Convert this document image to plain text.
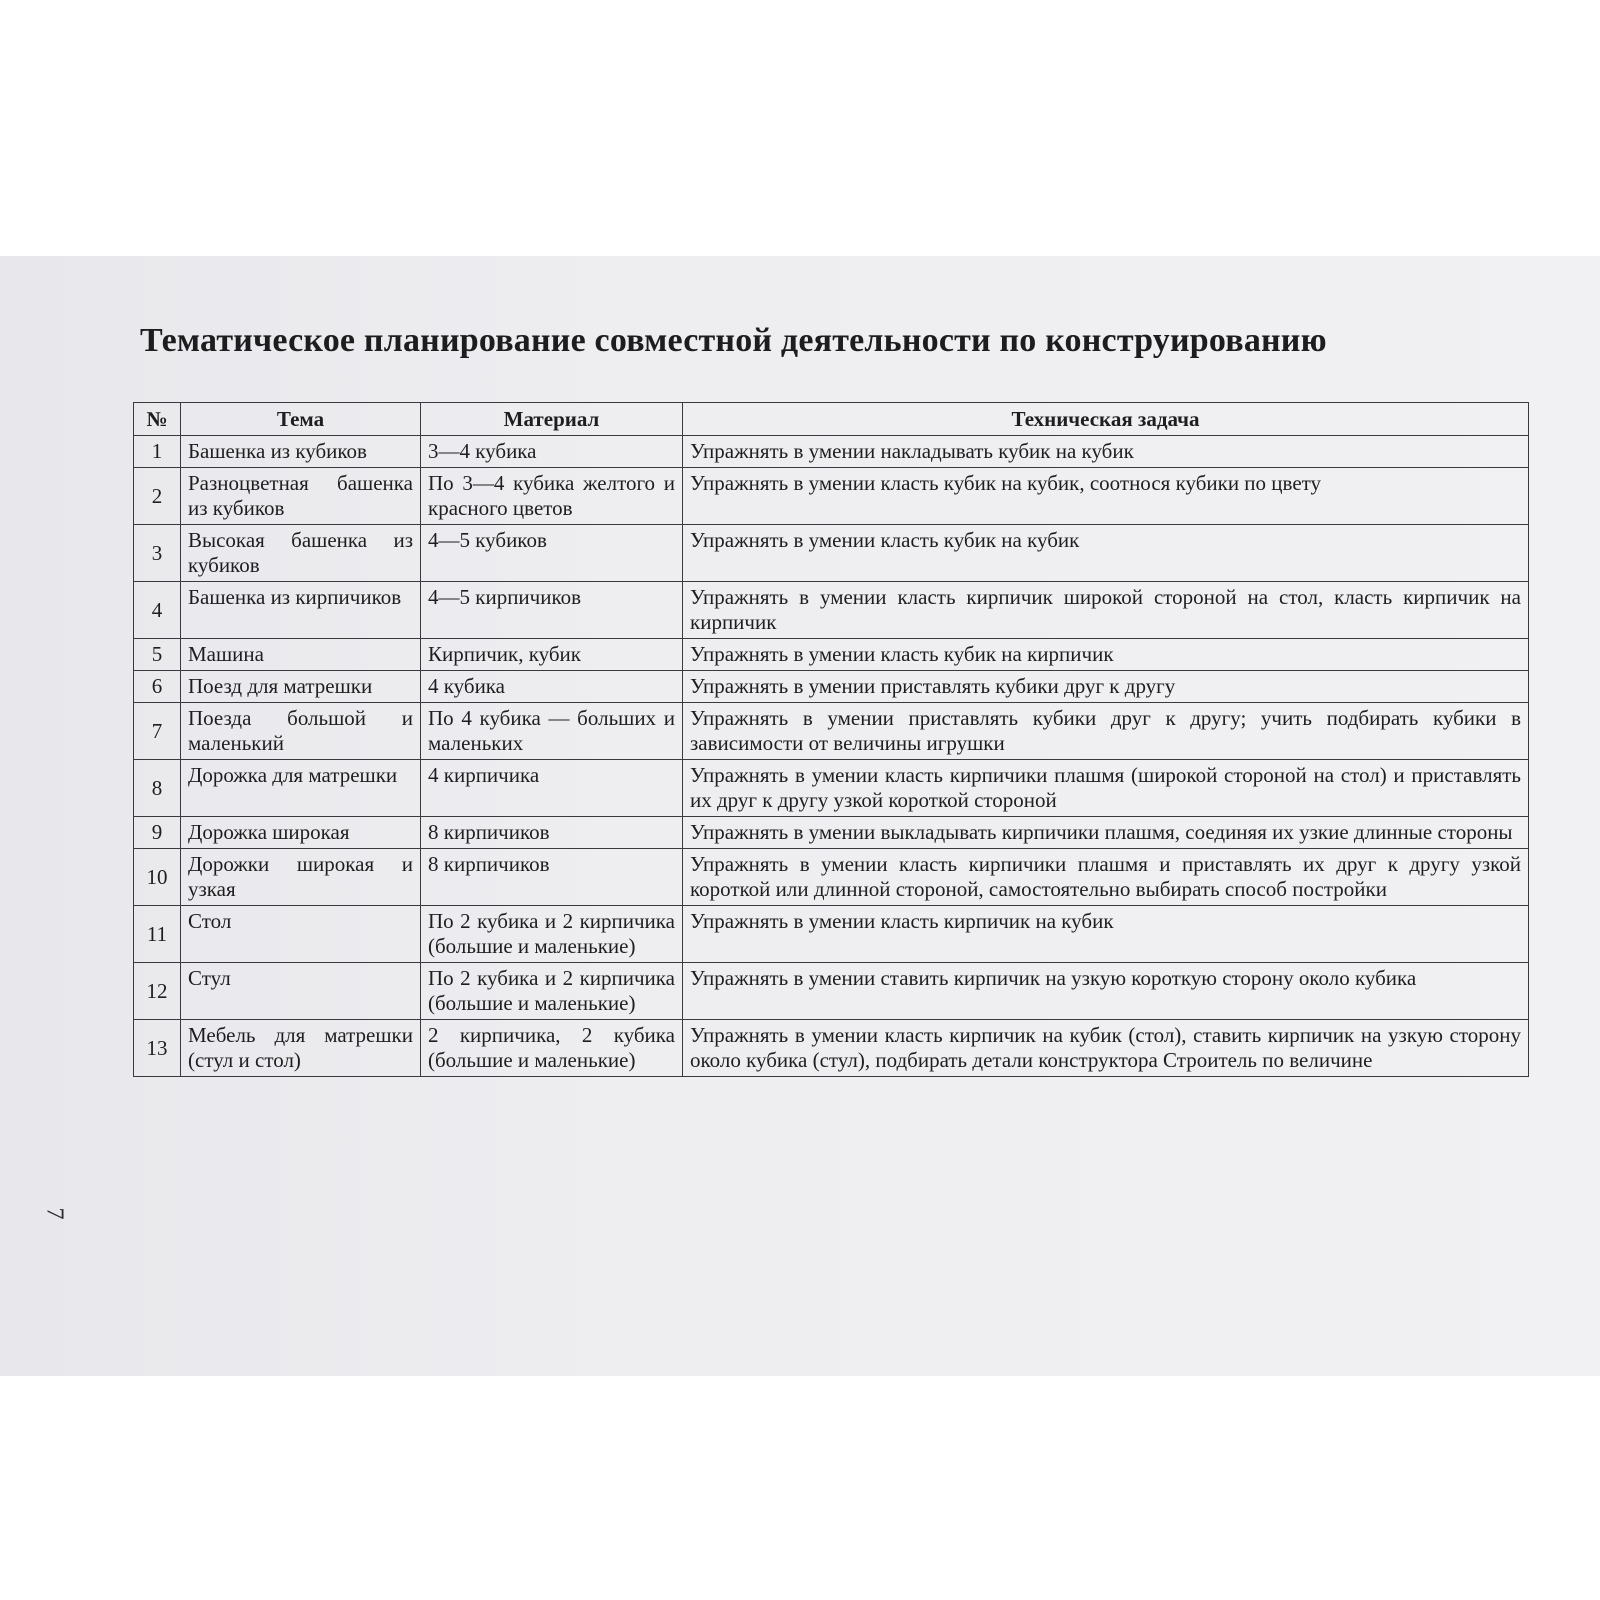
Тематическое планирование совместной деятельности по конструированию
№	Тема	Материал	Техническая задача
1	Башенка из кубиков	3—4 кубика	Упражнять в умении накладывать кубик на кубик
2	Разноцветная башенка из кубиков	По 3—4 кубика желтого и красного цветов	Упражнять в умении класть кубик на кубик, соотнося кубики по цвету
3	Высокая башенка из кубиков	4—5 кубиков	Упражнять в умении класть кубик на кубик
4	Башенка из кирпичиков	4—5 кирпичиков	Упражнять в умении класть кирпичик широкой стороной на стол, класть кирпичик на кирпичик
5	Машина	Кирпичик, кубик	Упражнять в умении класть кубик на кирпичик
6	Поезд для матрешки	4 кубика	Упражнять в умении приставлять кубики друг к другу
7	Поезда большой и маленький	По 4 кубика — больших и маленьких	Упражнять в умении приставлять кубики друг к другу; учить подбирать кубики в зависимости от величины игрушки
8	Дорожка для матрешки	4 кирпичика	Упражнять в умении класть кирпичики плашмя (широкой стороной на стол) и приставлять их друг к другу узкой короткой стороной
9	Дорожка широкая	8 кирпичиков	Упражнять в умении выкладывать кирпичики плашмя, соединяя их узкие длинные стороны
10	Дорожки широкая и узкая	8 кирпичиков	Упражнять в умении класть кирпичики плашмя и приставлять их друг к другу узкой короткой или длинной стороной, самостоятельно выбирать способ постройки
11	Стол	По 2 кубика и 2 кирпичика (большие и маленькие)	Упражнять в умении класть кирпичик на кубик
12	Стул	По 2 кубика и 2 кирпичика (большие и маленькие)	Упражнять в умении ставить кирпичик на узкую короткую сторону около кубика
13	Мебель для матрешки (стул и стол)	2 кирпичика, 2 кубика (большие и маленькие)	Упражнять в умении класть кирпичик на кубик (стол), ставить кирпичик на узкую сторону около кубика (стул), подбирать детали конструктора Строитель по величине
7
